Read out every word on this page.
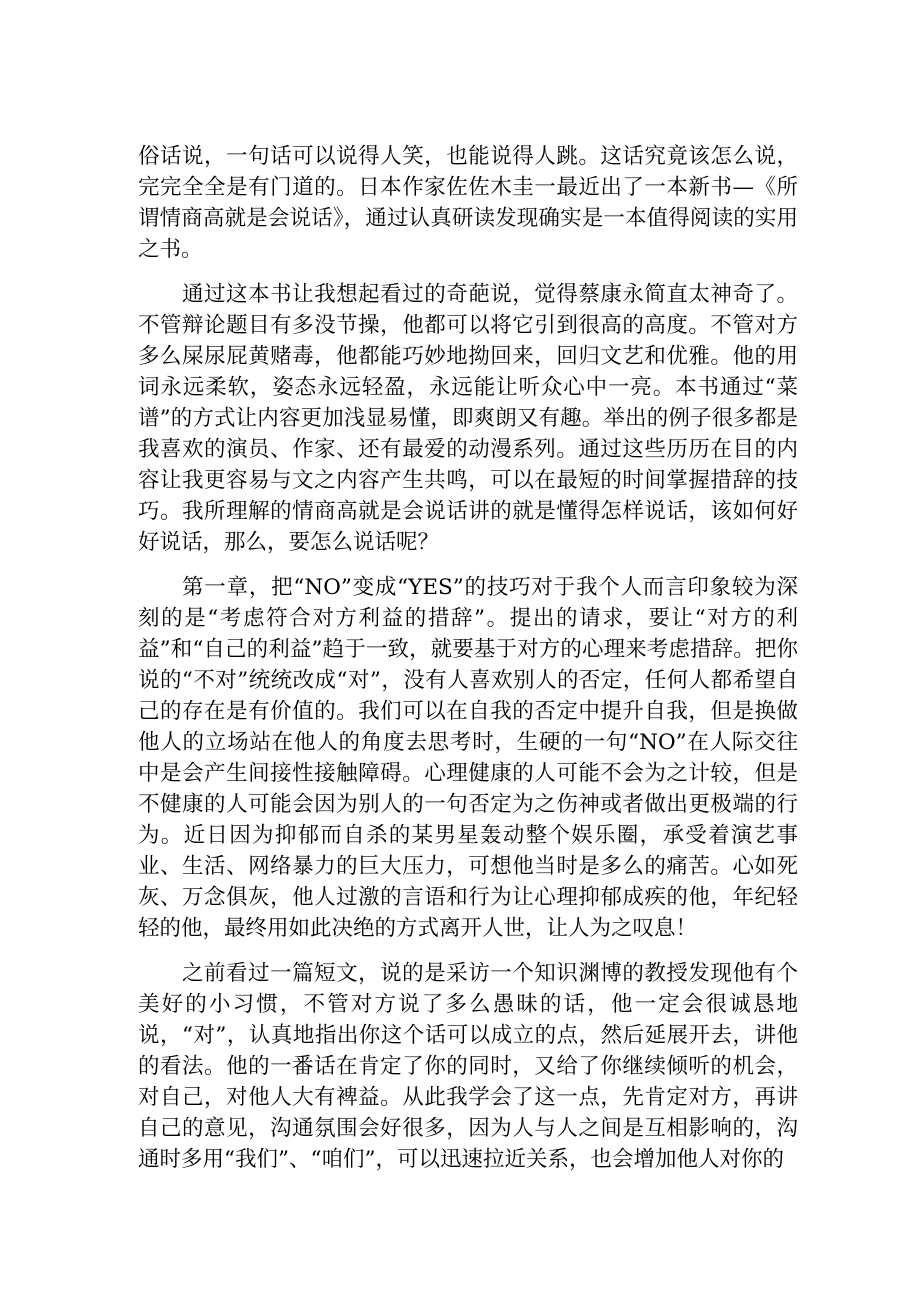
俗话说，一句话可以说得人笑，也能说得人跳。这话究竟该怎么说，完完全全是有门道的。日本作家佐佐木圭一最近出了一本新书—《所谓情商高就是会说话》，通过认真研读发现确实是一本值得阅读的实用之书。

通过这本书让我想起看过的奇葩说，觉得蔡康永简直太神奇了。不管辩论题目有多没节操，他都可以将它引到很高的高度。不管对方多么屎尿屁黄赌毒，他都能巧妙地拗回来，回归文艺和优雅。他的用词永远柔软，姿态永远轻盈，永远能让听众心中一亮。本书通过“菜谱”的方式让内容更加浅显易懂，即爽朗又有趣。举出的例子很多都是我喜欢的演员、作家、还有最爱的动漫系列。通过这些历历在目的内容让我更容易与文之内容产生共鸣，可以在最短的时间掌握措辞的技巧。我所理解的情商高就是会说话讲的就是懂得怎样说话，该如何好好说话，那么，要怎么说话呢？

第一章，把“NO”变成“YES”的技巧对于我个人而言印象较为深刻的是“考虑符合对方利益的措辞”。提出的请求，要让“对方的利益”和“自己的利益”趋于一致，就要基于对方的心理来考虑措辞。把你说的“不对”统统改成“对”，没有人喜欢别人的否定，任何人都希望自己的存在是有价值的。我们可以在自我的否定中提升自我，但是换做他人的立场站在他人的角度去思考时，生硬的一句“NO”在人际交往中是会产生间接性接触障碍。心理健康的人可能不会为之计较，但是不健康的人可能会因为别人的一句否定为之伤神或者做出更极端的行为。近日因为抑郁而自杀的某男星轰动整个娱乐圈，承受着演艺事业、生活、网络暴力的巨大压力，可想他当时是多么的痛苦。心如死灰、万念俱灰，他人过激的言语和行为让心理抑郁成疾的他，年纪轻轻的他，最终用如此决绝的方式离开人世，让人为之叹息！

之前看过一篇短文，说的是采访一个知识渊博的教授发现他有个美好的小习惯，不管对方说了多么愚昧的话，他一定会很诚恳地说，“对”，认真地指出你这个话可以成立的点，然后延展开去，讲他的看法。他的一番话在肯定了你的同时，又给了你继续倾听的机会，对自己，对他人大有裨益。从此我学会了这一点，先肯定对方，再讲自己的意见，沟通氛围会好很多，因为人与人之间是互相影响的，沟通时多用“我们”、“咱们”，可以迅速拉近关系，也会增加他人对你的
